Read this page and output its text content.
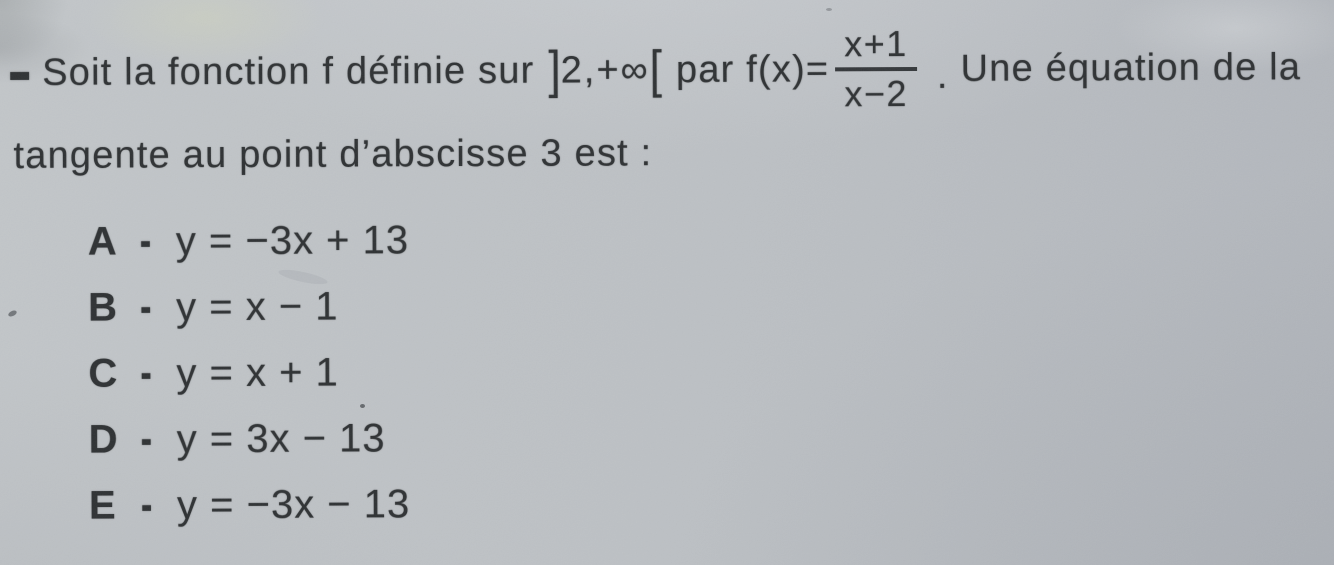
– Soit la fonction f définie sur ] 2,+∞ [ par $f(x)= \frac{x+1}{x-2}$ . Une équation de la
tangente au point d’abscisse 3 est :
A - y = −3x + 13
B - y = x − 1
C - y = x + 1
D - y = 3x − 13
E - y = −3x − 13
